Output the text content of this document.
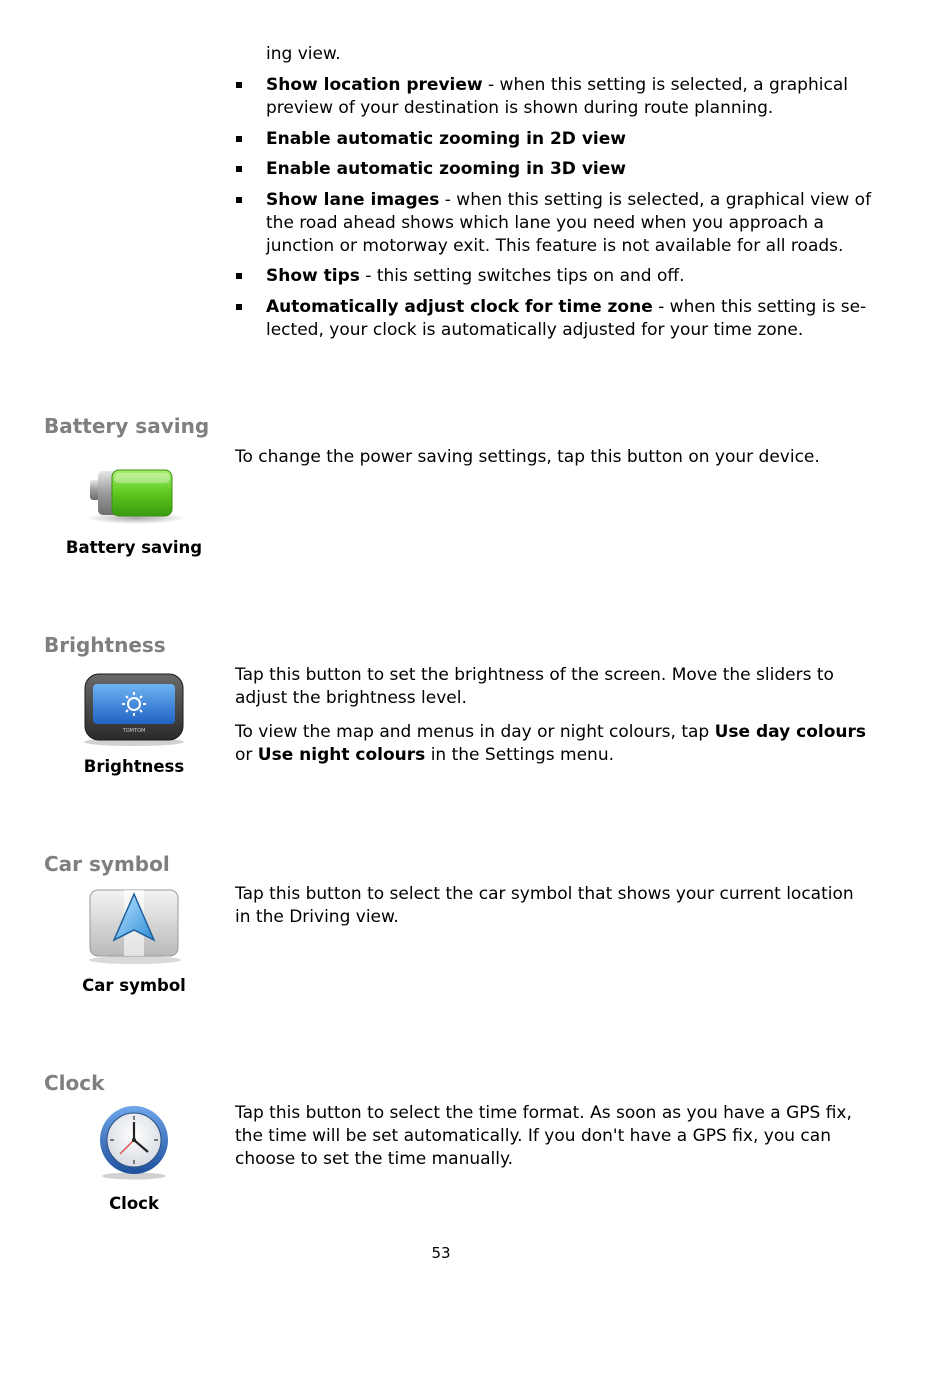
ing view.
Show location preview - when this setting is selected, a graphical
preview of your destination is shown during route planning.
Enable automatic zooming in 2D view
Enable automatic zooming in 3D view
Show lane images - when this setting is selected, a graphical view of
the road ahead shows which lane you need when you approach a
junction or motorway exit. This feature is not available for all roads.
Show tips - this setting switches tips on and off.
Automatically adjust clock for time zone - when this setting is se-
lected, your clock is automatically adjusted for your time zone.
Battery saving
Battery saving
To change the power saving settings, tap this button on your device.
Brightness
TOMTOM
Brightness
Tap this button to set the brightness of the screen. Move the sliders to
adjust the brightness level.
To view the map and menus in day or night colours, tap Use day colours
or Use night colours in the Settings menu.
Car symbol
Car symbol
Tap this button to select the car symbol that shows your current location
in the Driving view.
Clock
Clock
Tap this button to select the time format. As soon as you have a GPS fix,
the time will be set automatically. If you don't have a GPS fix, you can
choose to set the time manually.
53
